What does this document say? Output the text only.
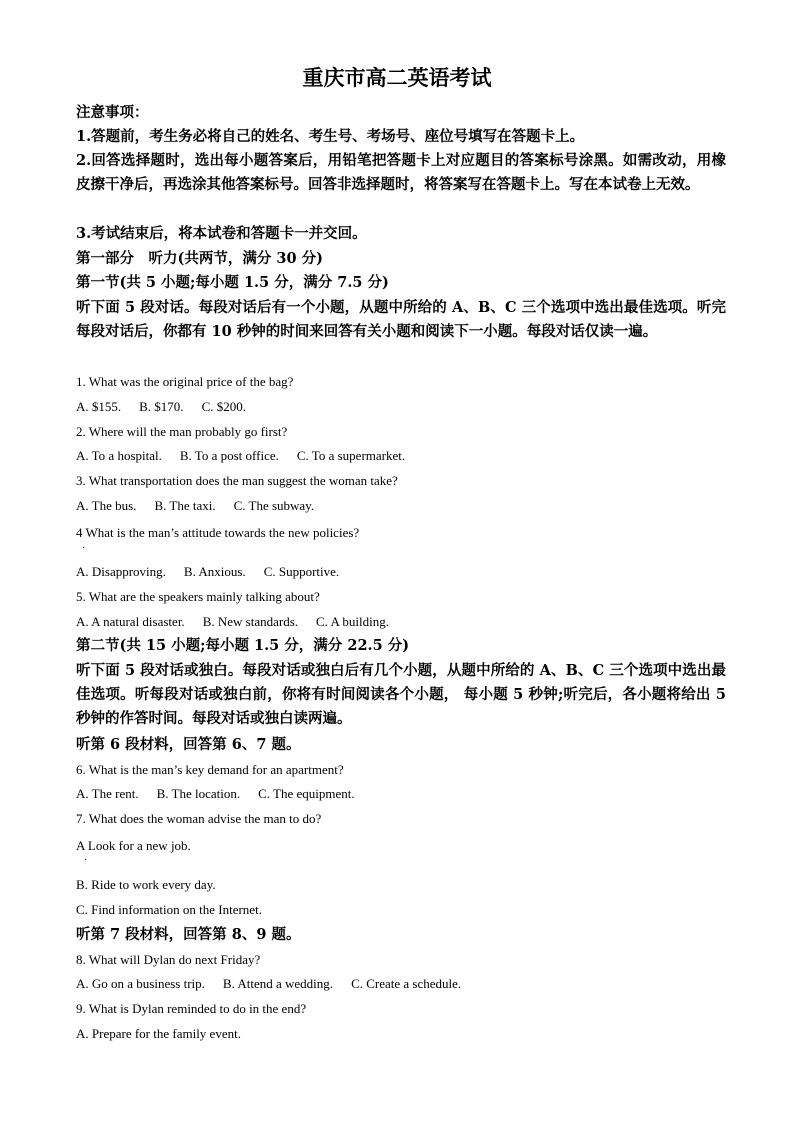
重庆市高二英语考试
注意事项：
1.答题前，考生务必将自己的姓名、考生号、考场号、座位号填写在答题卡上。
2.回答选择题时，选出每小题答案后，用铅笔把答题卡上对应题目的答案标号涂黑。如需改动，用橡皮擦干净后，再选涂其他答案标号。回答非选择题时，将答案写在答题卡上。写在本试卷上无效。
3.考试结束后，将本试卷和答题卡一并交回。
第一部分　听力(共两节，满分 30 分)
第一节(共 5 小题;每小题 1.5 分，满分 7.5 分)
听下面 5 段对话。每段对话后有一个小题，从题中所给的 A、B、C 三个选项中选出最佳选项。听完每段对话后，你都有 10 秒钟的时间来回答有关小题和阅读下一小题。每段对话仅读一遍。
1. What was the original price of the bag?
A. $155. B. $170. C. $200.
2. Where will the man probably go first?
A. To a hospital. B. To a post office. C. To a supermarket.
3. What transportation does the man suggest the woman take?
A. The bus. B. The taxi. C. The subway.
4 What is the man’s attitude towards the new policies?
·
A. Disapproving. B. Anxious. C. Supportive.
5. What are the speakers mainly talking about?
A. A natural disaster. B. New standards. C. A building.
第二节(共 15 小题;每小题 1.5 分，满分 22.5 分)
听下面 5 段对话或独白。每段对话或独白后有几个小题，从题中所给的 A、B、C 三个选项中选出最佳选项。听每段对话或独白前，你将有时间阅读各个小题， 每小题 5 秒钟;听完后，各小题将给出 5 秒钟的作答时间。每段对话或独白读两遍。
听第 6 段材料，回答第 6、7 题。
6. What is the man’s key demand for an apartment?
A. The rent. B. The location. C. The equipment.
7. What does the woman advise the man to do?
A Look for a new job.
·
B. Ride to work every day.
C. Find information on the Internet.
听第 7 段材料，回答第 8、9 题。
8. What will Dylan do next Friday?
A. Go on a business trip. B. Attend a wedding. C. Create a schedule.
9. What is Dylan reminded to do in the end?
A. Prepare for the family event.
